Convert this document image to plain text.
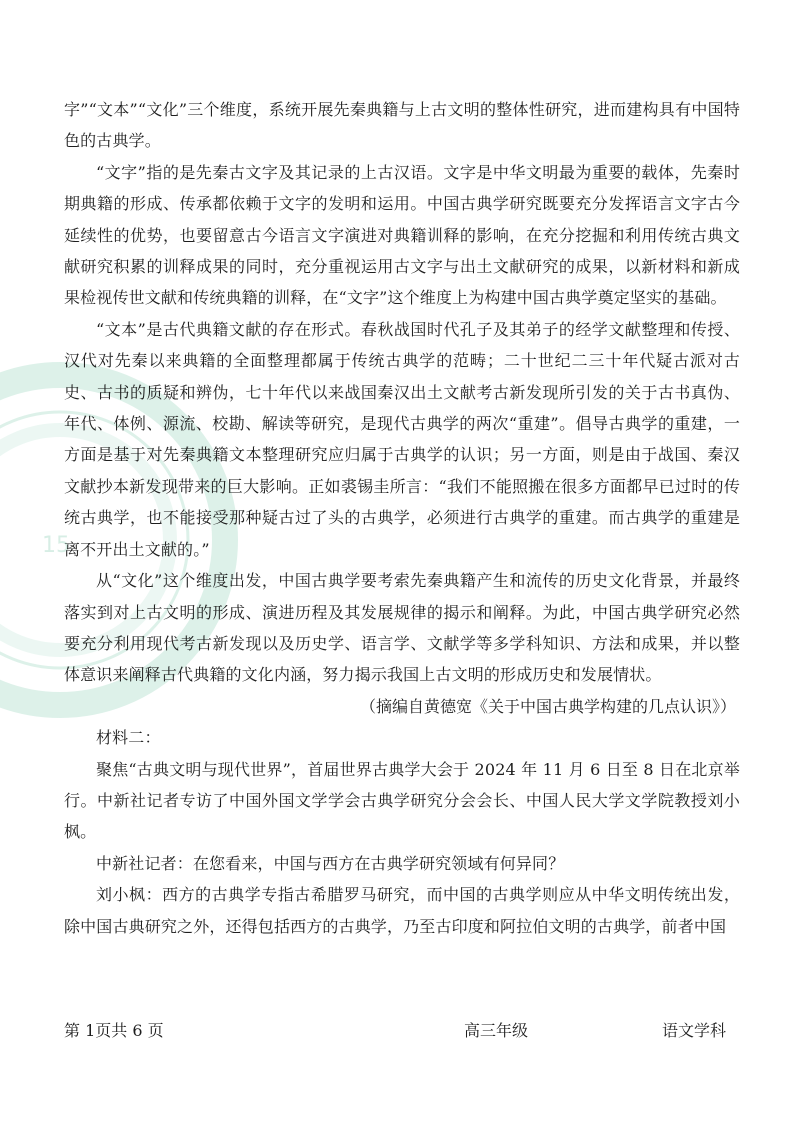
15

字”“文本”“文化”三个维度，系统开展先秦典籍与上古文明的整体性研究，进而建构具有中国特色的古典学。

“文字”指的是先秦古文字及其记录的上古汉语。文字是中华文明最为重要的载体，先秦时期典籍的形成、传承都依赖于文字的发明和运用。中国古典学研究既要充分发挥语言文字古今延续性的优势，也要留意古今语言文字演进对典籍训释的影响，在充分挖掘和利用传统古典文献研究积累的训释成果的同时，充分重视运用古文字与出土文献研究的成果，以新材料和新成果检视传世文献和传统典籍的训释，在“文字”这个维度上为构建中国古典学奠定坚实的基础。

“文本”是古代典籍文献的存在形式。春秋战国时代孔子及其弟子的经学文献整理和传授、汉代对先秦以来典籍的全面整理都属于传统古典学的范畴；二十世纪二三十年代疑古派对古史、古书的质疑和辨伪，七十年代以来战国秦汉出土文献考古新发现所引发的关于古书真伪、年代、体例、源流、校勘、解读等研究，是现代古典学的两次“重建”。倡导古典学的重建，一方面是基于对先秦典籍文本整理研究应归属于古典学的认识；另一方面，则是由于战国、秦汉文献抄本新发现带来的巨大影响。正如裘锡圭所言：“我们不能照搬在很多方面都早已过时的传统古典学，也不能接受那种疑古过了头的古典学，必须进行古典学的重建。而古典学的重建是离不开出土文献的。”

从“文化”这个维度出发，中国古典学要考索先秦典籍产生和流传的历史文化背景，并最终落实到对上古文明的形成、演进历程及其发展规律的揭示和阐释。为此，中国古典学研究必然要充分利用现代考古新发现以及历史学、语言学、文献学等多学科知识、方法和成果，并以整体意识来阐释古代典籍的文化内涵，努力揭示我国上古文明的形成历史和发展情状。

（摘编自黄德宽《关于中国古典学构建的几点认识》）

材料二：

聚焦“古典文明与现代世界”，首届世界古典学大会于 2024 年 11 月 6 日至 8 日在北京举行。中新社记者专访了中国外国文学学会古典学研究分会会长、中国人民大学文学院教授刘小枫。

中新社记者：在您看来，中国与西方在古典学研究领域有何异同？

刘小枫：西方的古典学专指古希腊罗马研究，而中国的古典学则应从中华文明传统出发，除中国古典研究之外，还得包括西方的古典学，乃至古印度和阿拉伯文明的古典学，前者中国

第 1页共 6 页	高三年级	语文学科
